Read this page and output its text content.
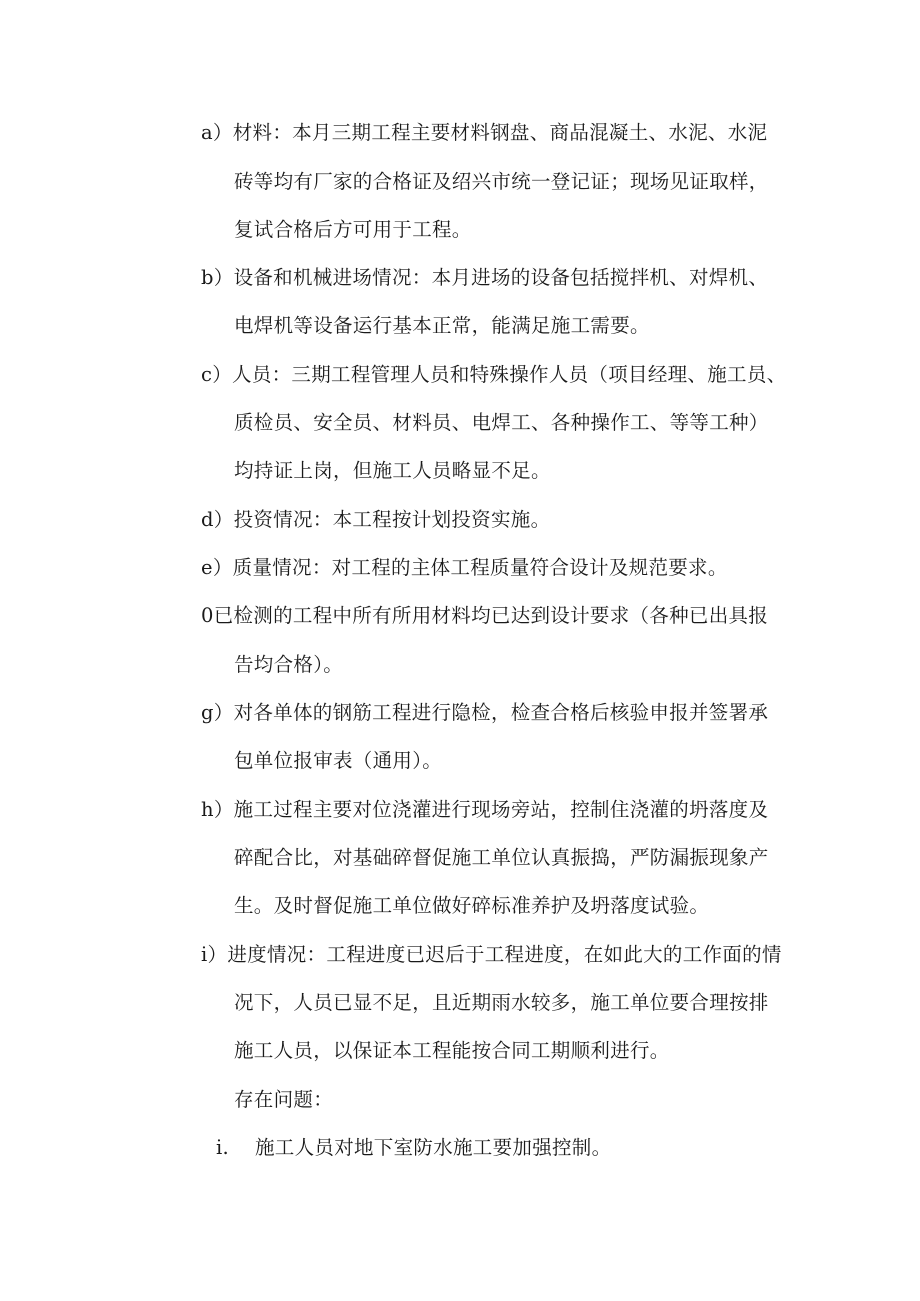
a）材料：本月三期工程主要材料钢盘、商品混凝土、水泥、水泥
砖等均有厂家的合格证及绍兴市统一登记证；现场见证取样，
复试合格后方可用于工程。
b）设备和机械进场情况：本月进场的设备包括搅拌机、对焊机、
电焊机等设备运行基本正常，能满足施工需要。
c）人员：三期工程管理人员和特殊操作人员（项目经理、施工员、
质检员、安全员、材料员、电焊工、各种操作工、等等工种）
均持证上岗，但施工人员略显不足。
d）投资情况：本工程按计划投资实施。
e）质量情况：对工程的主体工程质量符合设计及规范要求。
0已检测的工程中所有所用材料均已达到设计要求（各种已出具报
告均合格）。
g）对各单体的钢筋工程进行隐检，检查合格后核验申报并签署承
包单位报审表（通用）。
h）施工过程主要对位浇灌进行现场旁站，控制住浇灌的坍落度及
碎配合比，对基础碎督促施工单位认真振捣，严防漏振现象产
生。及时督促施工单位做好碎标准养护及坍落度试验。
i）进度情况：工程进度已迟后于工程进度，在如此大的工作面的情
况下，人员已显不足，且近期雨水较多，施工单位要合理按排
施工人员，以保证本工程能按合同工期顺利进行。
存在问题：
i. 施工人员对地下室防水施工要加强控制。
